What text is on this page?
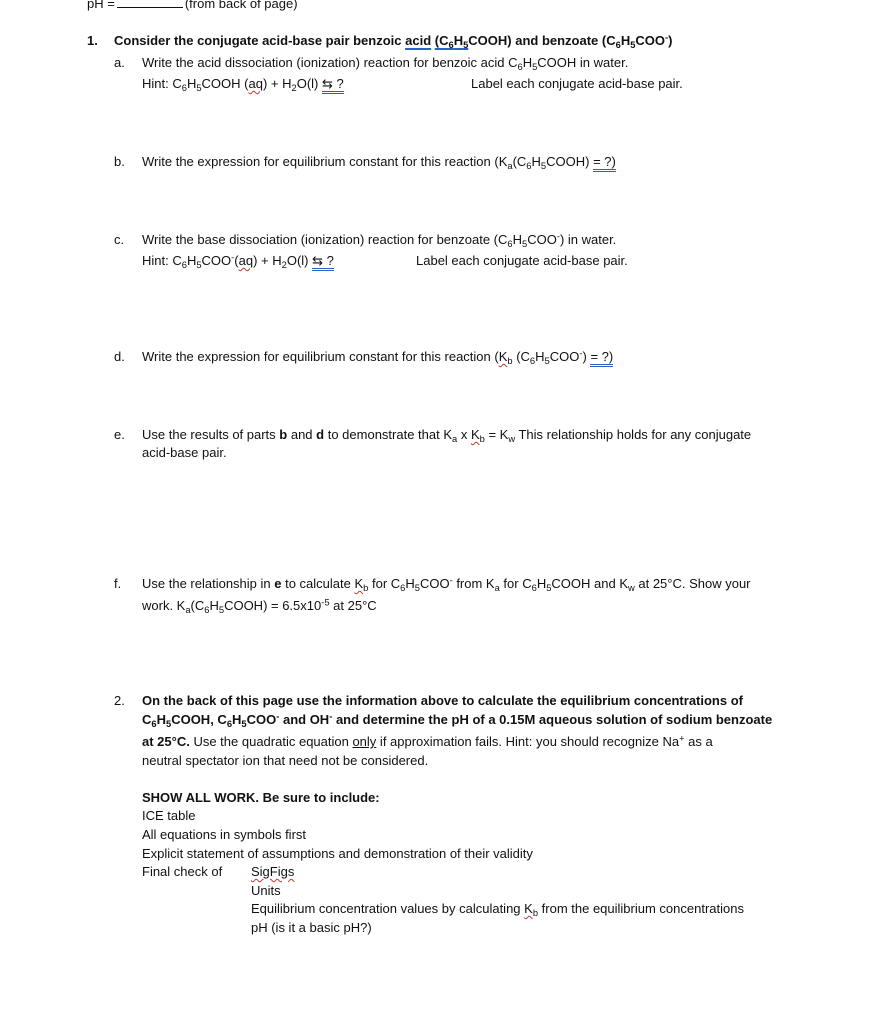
pH =	(from back of page)
1. Consider the conjugate acid-base pair benzoic acid $(C_6H_5COOH)$ and benzoate $(C_6H_5COO^-)$
a. Write the acid dissociation (ionization) reaction for benzoic acid $C_6H_5COOH$ in water.
Hint: $C_6H_5COOH$ $(aq) + H_2O(l)$ ⇆ ?	Label each conjugate acid-base pair.
b. Write the expression for equilibrium constant for this reaction ($K_a(C_6H_5COOH)$ = ?)
c. Write the base dissociation (ionization) reaction for benzoate $(C_6H_5COO^-)$ in water.
Hint: $C_6H_5COO^-(aq) + H_2O(l)$ ⇆ ?	Label each conjugate acid-base pair.
d. Write the expression for equilibrium constant for this reaction ($K_b$ $(C_6H_5COO^-)$ = ?)
e. Use the results of parts b and d to demonstrate that $K_a$ x $K_b = K_w$ This relationship holds for any conjugate
acid-base pair.
f. Use the relationship in e to calculate $K_b$ for $C_6H_5COO^-$ from $K_a$ for $C_6H_5COOH$ and $K_w$ at 25°C. Show your
work. $K_a(C_6H_5COOH) = 6.5x10^{-5}$ at 25°C
2. On the back of this page use the information above to calculate the equilibrium concentrations of
$C_6H_5COOH$, $C_6H_5COO^-$ and OH- and determine the pH of a 0.15M aqueous solution of sodium benzoate
at 25°C. Use the quadratic equation only if approximation fails. Hint: you should recognize Na+ as a
neutral spectator ion that need not be considered.
SHOW ALL WORK. Be sure to include:
ICE table
All equations in symbols first
Explicit statement of assumptions and demonstration of their validity
Final check of SigFigs
Units
Equilibrium concentration values by calculating $K_b$ from the equilibrium concentrations
pH (is it a basic pH?)
